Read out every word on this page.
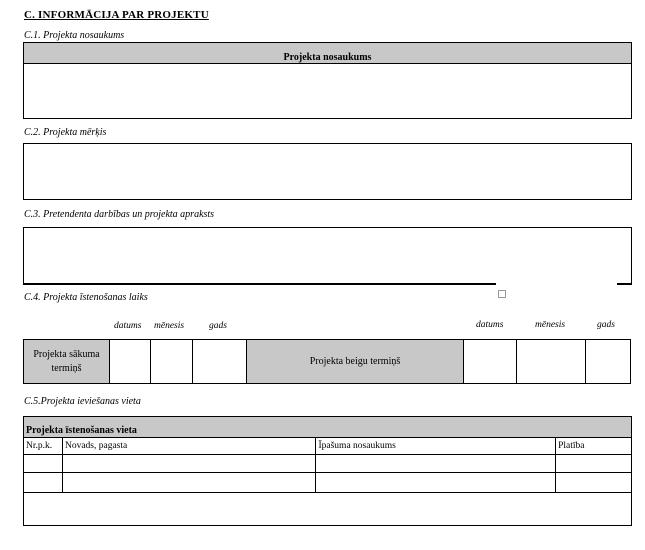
C. INFORMĀCIJA PAR PROJEKTU
C.1. Projekta nosaukums
Projekta nosaukums
C.2. Projekta mērķis
C.3. Pretendenta darbības un projekta apraksts
C.4. Projekta īstenošanas laiks
datums mēnesis	gads	datums	mēnesis	gads
Projekta sākuma termiņš				Projekta beigu termiņš			
C.5.Projekta ieviešanas vieta
Projekta īstenošanas vieta			
Nr.p.k.	Novads, pagasta	Īpašuma nosaukums	Platība
